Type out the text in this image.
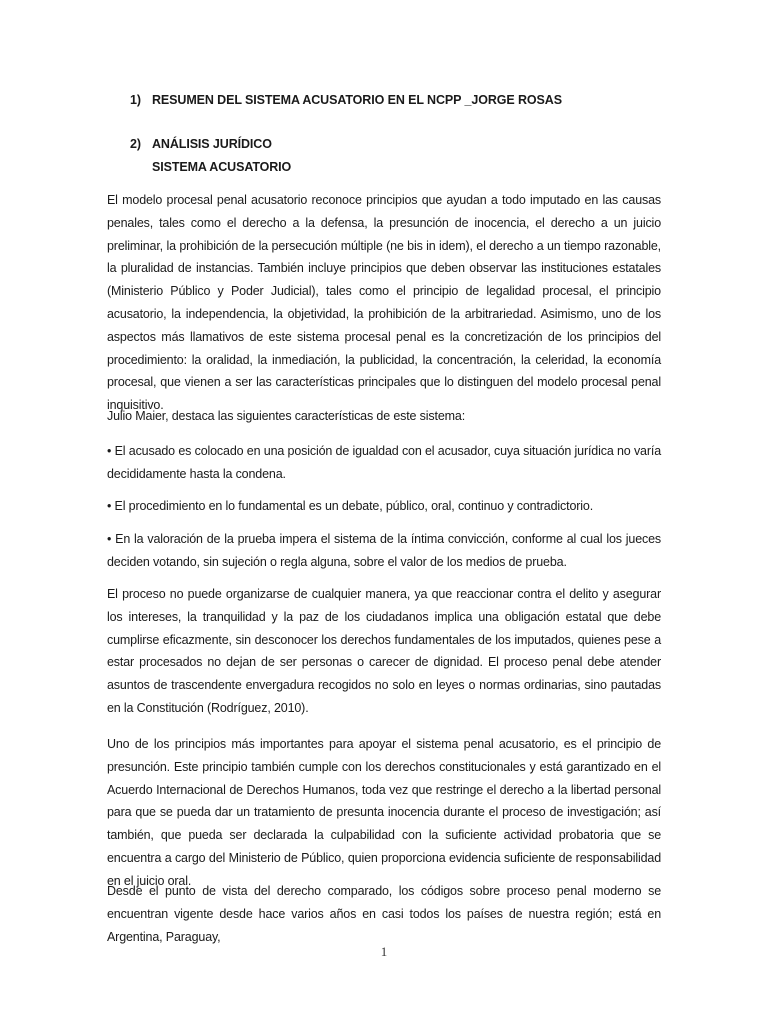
1) RESUMEN DEL SISTEMA ACUSATORIO EN EL NCPP _JORGE ROSAS
2) ANÁLISIS JURÍDICO
SISTEMA ACUSATORIO

El modelo procesal penal acusatorio reconoce principios que ayudan a todo imputado en las causas penales, tales como el derecho a la defensa, la presunción de inocencia, el derecho a un juicio preliminar, la prohibición de la persecución múltiple (ne bis in idem), el derecho a un tiempo razonable, la pluralidad de instancias. También incluye principios que deben observar las instituciones estatales (Ministerio Público y Poder Judicial), tales como el principio de legalidad procesal, el principio acusatorio, la independencia, la objetividad, la prohibición de la arbitrariedad. Asimismo, uno de los aspectos más llamativos de este sistema procesal penal es la concretización de los principios del procedimiento: la oralidad, la inmediación, la publicidad, la concentración, la celeridad, la economía procesal, que vienen a ser las características principales que lo distinguen del modelo procesal penal inquisitivo.

Julio Maier, destaca las siguientes características de este sistema:

• El acusado es colocado en una posición de igualdad con el acusador, cuya situación jurídica no varía decididamente hasta la condena.

• El procedimiento en lo fundamental es un debate, público, oral, continuo y contradictorio.

• En la valoración de la prueba impera el sistema de la íntima convicción, conforme al cual los jueces deciden votando, sin sujeción o regla alguna, sobre el valor de los medios de prueba.

El proceso no puede organizarse de cualquier manera, ya que reaccionar contra el delito y asegurar los intereses, la tranquilidad y la paz de los ciudadanos implica una obligación estatal que debe cumplirse eficazmente, sin desconocer los derechos fundamentales de los imputados, quienes pese a estar procesados no dejan de ser personas o carecer de dignidad. El proceso penal debe atender asuntos de trascendente envergadura recogidos no solo en leyes o normas ordinarias, sino pautadas en la Constitución (Rodríguez, 2010).

Uno de los principios más importantes para apoyar el sistema penal acusatorio, es el principio de presunción. Este principio también cumple con los derechos constitucionales y está garantizado en el Acuerdo Internacional de Derechos Humanos, toda vez que restringe el derecho a la libertad personal para que se pueda dar un tratamiento de presunta inocencia durante el proceso de investigación; así también, que pueda ser declarada la culpabilidad con la suficiente actividad probatoria que se encuentra a cargo del Ministerio de Público, quien proporciona evidencia suficiente de responsabilidad en el juicio oral.

Desde el punto de vista del derecho comparado, los códigos sobre proceso penal moderno se encuentran vigente desde hace varios años en casi todos los países de nuestra región; está en Argentina, Paraguay,

1
